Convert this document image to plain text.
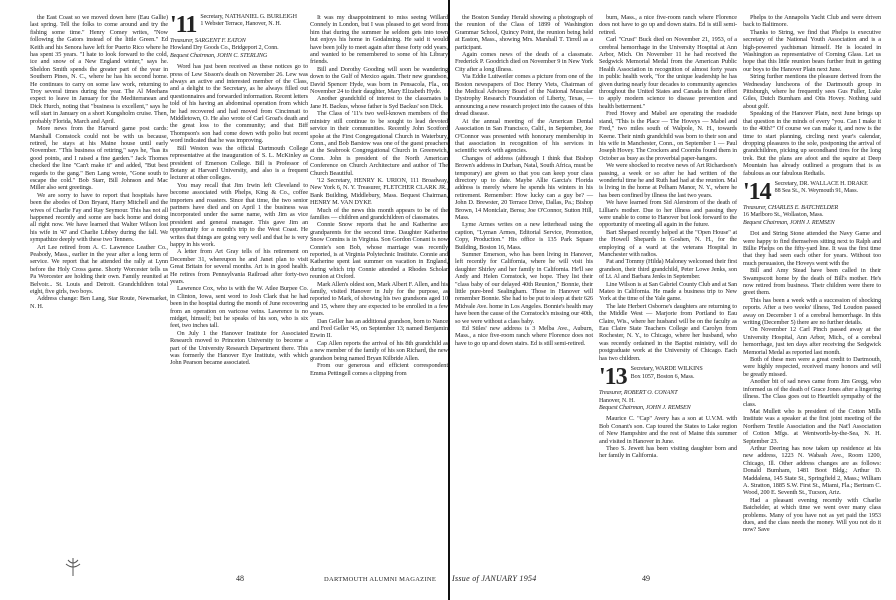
the East Coast so we moved down here (Eau Gallie) last spring. Tell the folks to come around and try the fishing some time." Henry Comey writes, "Now following the Gators instead of the little Green." Ed Keith and his Senora have left for Puerto Rico where he has spent 35 years. "I hate to look forward to the cold, ice and snow of a New England winter," says he. Sheldon Smith spends the greater part of the year in Southern Pines, N. C., where he has his second home. He continues to carry on some law work, returning to Troy several times during the year. The Al Meehans expect to leave in January for the Mediterranean and Dick Hurch, noting that "business is excellent," says he will start in January on a short Kungsholm cruise. Then, probably Florida, March and April.

More news from the Harvard game post cards: Marshall Comstock could not be with us because, retired, he stays at his Maine house until early November. "This business of retiring," says he, "has its good points, and I raised a fine garden." Jack Thomes checked the line "Can't make it" and added, "But best regards to the gang." Ben Lang wrote, "Gone south to escape the cold." Bob Starr, Bill Johnson and Mac Miller also sent greetings.

We are sorry to have to report that hospitals have been the abodes of Don Bryant, Harry Mitchell and the wives of Charlie Fay and Ray Seymour. This has not all happened recently and some are back home and doing all right now. We have learned that Walter Wilson lost his wife in '47 and Charlie Libbey during the fall. We sympathize deeply with these two Tenners.

Art Lee retired from A. C. Lawrence Leather Co., Peabody, Mass., earlier in the year after a long term of service. We report that he attended the rally at Lynn before the Holy Cross game. Shorty Worcester tells us Pa Worcester are holding their own. Family reunited at Belvoir... St. Louis and Detroit. Grandchildren total eight, five girls, two boys.

Address change: Ben Lang, Star Route, Newmarket, N. H.

'11 Secretary, NATHANIEL G. BURLEIGH
1 Webster Terrace, Hanover, N. H.
Treasurer, SARGENT F. EATON
Howland Dry Goods Co., Bridgeport 2, Conn.
Bequest Chairman, JOHN C. STERLING

Word has just been received as these notices go to press of Lew Sisson's death on November 26. Lew was always an active and interested member of the Class, and a delight to the Secretary, as he always filled out questionnaires and forwarded information. Recent letters told of his having an abdominal operation from which he had recovered and had moved from Cincinnati to Middletown, O. He also wrote of Carl Groat's death and the great loss to the community; and that Biff Thompson's son had come down with polio but recent word indicated that he was improving.

Bill Weston was the official Dartmouth College representative at the inauguration of S. L. McKinley as president of Emerson College. Bill is Professor of Botany at Harvard University, and also is a frequent lecturer at other colleges.

You may recall that Jim Irwin left Cleveland to become associated with Phelps, King & Co., coffee importers and roasters. Since that time, the two senior partners have died and on April 1 the business was incorporated under the same name, with Jim as vice president and general manager. This gave Jim an opportunity for a month's trip to the West Coast. He writes that things are going very well and that he is very happy in his work.

A letter from Art Gray tells of his retirement on December 31, whereupon he and Janet plan to visit Great Britain for several months. Art is in good health. He retires from Pennsylvania Railroad after forty-two years.

Lawrence Cox, who is with the W. Atlee Burpee Co. in Clinton, Iowa, sent word to Josh Clark that he had been in the hospital during the month of June recovering from an operation on varicose veins. Lawrence is no midget, himself; but he speaks of his son, who is six feet, two inches tall.

On July 1 the Hanover Institute for Associated Research moved to Princeton University to become a part of the University Research Department there. This was formerly the Hanover Eye Institute, with which John Pearson became associated.

It was my disappointment to miss seeing Willard Connely in London, but I was pleased to get word from him that during the summer he seldom gets into town but enjoys his home in Godalming. He said it would have been jolly to meet again after these forty odd years, and wanted to be remembered to some of his Library friends.

Bill and Dorothy Gooding will soon be wandering down to the Gulf of Mexico again. Their new grandson, David Spencer Hyde, was born in Pensacola, Fla., on November 24 to their daughter, Mary Elizabeth Hyde.

Another grandchild of interest to the classmates is Jane H. Backus, whose father is Syd Backus' son Dick.

The Class of '11's two well-known members of the ministry still continue to be sought to lead devoted service in their communities. Recently John Scotford spoke at the First Congregational Church in Waterbury, Conn., and Bob Barstow was one of the guest preachers at the Seabrook Congregational Church in Greenwich, Conn. John is president of the North American Conference on Church Architecture and author of The Church Beautiful.

'12 Secretary, HENRY K. URION, 111 Broadway, New York 6, N. Y. Treasurer, FLETCHER CLARK JR., Bank Building, Middlebury, Mass. Bequest Chairman, HENRY M. VAN DYKE

Much of the news this month appears to be of the families — children and grandchildren of classmates.

Connie Snow reports that he and Katherine are grandparents for the second time. Daughter Katherine Snow Comins is in Virginia. Son Gordon Conant is now Connie's son Bob, whose marriage was recently reported, is at Virginia Polytechnic Institute. Connie and Katherine spent last summer on vacation in England, during which trip Connie attended a Rhodes Scholar reunion at Oxford.

Mark Allen's oldest son, Mark Albert F. Allen, and his family, visited Hanover in July for the purpose, as reported to Mark, of showing his two grandsons aged 10 and 15, where they are expected to be enrolled in a few years.

Dan Geller has an additional grandson, born to Nance and Fred Geller '45, on September 13; named Benjamin Erwin II.

Cap Allen reports the arrival of his 8th grandchild as a new member of the family of his son Richard, the new grandson being named Bryan Kilbride Allen.

From our generous and efficient correspondent Emma Pettingell comes a clipping from

48	DARTMOUTH ALUMNI MAGAZINE

the Boston Sunday Herald showing a photograph of the reunion of the Class of 1899 of Washington Grammar School, Quincy Point, the reunion being held at Easton, Mass., showing Mrs. Marshall T. Tirrell as a participant.

Again comes news of the death of a classmate. Frederick P. Goodrich died on November 9 in New York City after a long illness.

Via Eddie Luitweiler comes a picture from one of the Boston newspapers of Doc Henry Viets, Chairman of the Medical Advisory Board of the National Muscular Dystrophy Research Foundation of Liberty, Texas, — announcing a new research project into the causes of this dread disease.

At the annual meeting of the American Dental Association in San Francisco, Calif., in September, Joe O'Connor was presented with honorary membership in that association in recognition of his services in scientific work with agencies.

Changes of address (although I think that Bishop Brown's address in Durban, Natal, South Africa, must be temporary) are given so that you can keep your class directory up to date. Maybe Allie Garcia's Florida address is merely where he spends his winters in his retirement. Remember: How lucky can a guy be? — John D. Brewster, 20 Terrace Drive, Dallas, Pa.; Bishop Brown, 14 Montclair, Berea; Joe O'Connor, Sutton Hill, Mass.

Lyme Armes writes on a new letterhead using the caption, "Lyman Armes, Editorial Service, Promotion, Copy, Production." His office is 135 Park Square Building, Boston 16, Mass.

Sumner Emerson, who has been living in Hanover, left recently for California, where he will visit his daughter Shirley and her family in California. He'll see Andy and Helen Comstock, we hope. They list their "class baby of our delayed 40th Reunion," Bonnie, their little pure-bred Sealingham. Those in Hanover will remember Bonnie. She had to be put to sleep at their 626 Midvale Ave. home in Los Angeles. Bonnie's health may have been the cause of the Comstock's missing our 40th, so we were without a class baby.

Ed Stiles' new address is 3 Melba Ave., Auburn, Mass., a nice five-room ranch where Florence does not have to go up and down stairs. Ed is still semi-retired.

burn, Mass., a nice five-room ranch where Florence does not have to go up and down stairs. Ed is still semi-retired.

Carl "Crust" Buck died on November 21, 1953, of a cerebral hemorrhage in the University Hospital at Ann Arbor, Mich. On November 11 he had received the Sedgwick Memorial Medal from the American Public Health Association in recognition of almost forty years in public health work, "for the unique leadership he has given during nearly four decades to community agencies throughout the United States and Canada in their effort to apply modern science to disease prevention and health betterment."

Fred Hovey and Mabel are operating the roadside stand, "This is the Place — The Hoveys — Mabel and Fred," two miles south of Walpole, N. H., towards Keene. Their ninth grandchild was born to their son and his wife in Manchester, Conn., on September 1 — Paul Joseph Hovey. The Crockers and Coombs found them in October as busy as the proverbial paper-hangers.

We were shocked to receive news of Art Richardson's passing, a week or so after he had written of the wonderful time he and Ruth had had at the reunion. Mal is living in the home at Pelham Manor, N. Y., where he has been confined by illness the last two years.

We have learned from Sid Alerstrom of the death of Lillian's mother. Due to her illness and passing they were unable to come to Hanover but look forward to the opportunity of meeting all again in the future.

Bart Shepard recently helped at the "Open House" at the Howell Shepards in Goshen, N. H., for the employing of a ward at the veterans Hospital in Manchester with radios.

Pat and Tommy (Hilda) Maloney welcomed their first grandson, their third grandchild, Peter Lowe Jenks, son of Lt. Al and Barbara Jenks in September.

Line Wilson is at San Gabriel County Club and at San Mateo in California. He made a business trip to New York at the time of the Yale game.

The late Herbert Osborne's daughters are returning to the Middle West — Marjorie from Portland to Eau Claire, Wis., where her husband will be on the faculty as Eau Claire State Teachers College and Carolyn from Rochester, N. Y., to Chicago, where her husband, who was recently ordained in the Baptist ministry, will do postgraduate work at the University of Chicago. Each has two children.

'13 Secretary, WARDE WILKINS
Box 1057, Boston 6, Mass.
Treasurer, ROBERT O. CONANT
Hanover, N. H.
Bequest Chairman, JOHN J. REMSEN

Maurice C. "Cap" Avery has a son at U.V.M. with Bob Conant's son. Cap toured the States to Lake region of New Hampshire and the rest of Maine this summer and visited in Hanover in June.

Theo S. Jewett has been visiting daughter born and her family in California.

Phelps to the Annapolis Yacht Club and were driven back to Baltimore.

Thanks to String, we find that Phelps is executive secretary of the National Youth Association and is a high-powered yachtsman himself. He is located in Washington as representative of Corning Glass. Let us hope that this little reunion bears further fruit in getting our boys to the Hanover Plain next June.

String further mentions the pleasure derived from the Wednesday luncheons of the Dartmouth group in Pittsburgh, where he frequently sees Gus Fuller, Luke Giles, Dutch Burnham and Otis Hovey. Nothing said about golf.

Speaking of the Hanover Plain, next June brings up that question in the minds of every "you. Can I make it to the 40th?" Of course we can make it, and now is the time to start planning, circling next year's calendar, dropping pleasures to the sole, postponing the arrival of grandchildren, picking up secondhand tires for the long trek. But the plans are afoot and the squire at Deep Mountain has already outlined a program that is as fabulous as our fabulous Redtails.

'14 Secretary, DR. WALLACE H. DRAKE
88 Sea St., N. Weymouth 91, Mass.
Treasurer, CHARLES E. BATCHELDER
16 Marlboro St., Wollaston, Mass.
Bequest Chairman, JOHN J. REMSEN

Dot and String Stone attended the Navy Game and were happy to find themselves sitting next to Ralph and Billie Phelps on the fifty-yard line. It was the first time that they had seen each other for years. Without too much persuasion, the Hoveys went with the

Bill and Amy Stead have been called in their Swampscott home by the death of Bill's mother. He's now retired from business. Their children were there to greet them.

This has been a week with a succession of shocking reports. After a two weeks' illness, Ted Loudon passed away on December 1 of a cerebral hemorrhage. In this writing (December 5) there are no further details.

On November 12 Carl Pinch passed away at the University Hospital, Ann Arbor, Mich., of a cerebral hemorrhage, just ten days after receiving the Sedgwick Memorial Medal as reported last month.

Both of these men were a great credit to Dartmouth, were highly respected, received many honors and will be greatly missed.

Another bit of sad news came from Jim Gregg, who informed us of the death of Grace Jones after a lingering illness. The Class goes out to Heartfelt sympathy of the class.

Mat Mullett who is president of the Cotton Mills Institute was a speaker at the first joint meeting of the Northern Textile Association and the Nat'l Association of Cotton Mfgs. at Wentworth-by-the-Sea, N. H. September 23.

Arthur Deering has now taken up residence at his new address, 1223 N. Wabash Ave., Room 1200, Chicago, Ill. Other address changes are as follows: Donald Burnham, 1481 Boot Bldg.; Arthur D. Maddalena, 145 State St., Springfield 2, Mass.; William A. Stratton, 1885 S.W. First St., Miami, Fla.; Bertram C. Wood, 200 E. Seventh St., Tucson, Ariz.

Had a pleasant evening recently with Charlie Batchelder, at which time we went over many class problems. Many of you have not as yet paid the 1953 dues, and the class needs the money. Will you not do it now? Save

Issue of JANUARY 1954	49
